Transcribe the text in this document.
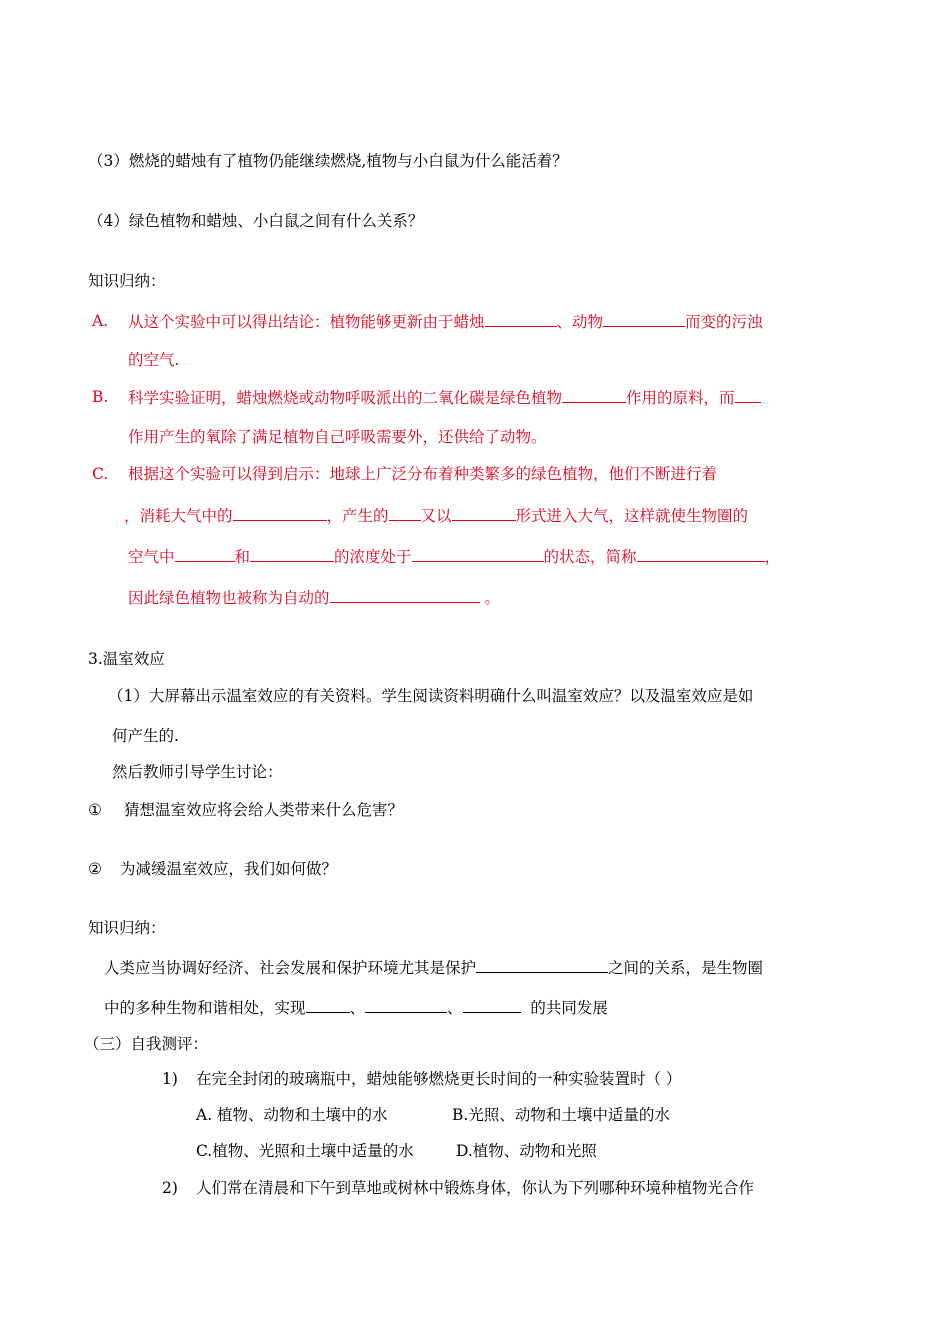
（3）燃烧的蜡烛有了植物仍能继续燃烧,植物与小白鼠为什么能活着？
（4）绿色植物和蜡烛、小白鼠之间有什么关系？
知识归纳：
A. 从这个实验中可以得出结论：植物能够更新由于蜡烛	、动物	而变的污浊
的空气.
B. 科学实验证明，蜡烛燃烧或动物呼吸派出的二氧化碳是绿色植物	作用的原料，而
作用产生的氧除了满足植物自己呼吸需要外，还供给了动物。
C. 根据这个实验可以得到启示：地球上广泛分布着种类繁多的绿色植物，他们不断进行着
，消耗大气中的	，产生的 又以	形式进入大气，这样就使生物圈的
空气中	和	的浓度处于	的状态，简称	，
因此绿色植物也被称为自动的	。
3.温室效应
（1）大屏幕出示温室效应的有关资料。学生阅读资料明确什么叫温室效应？以及温室效应是如
何产生的.
然后教师引导学生讨论：
① 猜想温室效应将会给人类带来什么危害？
② 为减缓温室效应，我们如何做？
知识归纳：
人类应当协调好经济、社会发展和保护环境尤其是保护	之间的关系，是生物圈
中的多种生物和谐相处，实现	、	、	的共同发展
（三）自我测评：
1) 在完全封闭的玻璃瓶中，蜡烛能够燃烧更长时间的一种实验装置时（ ）
A. 植物、动物和土壤中的水	B.光照、动物和土壤中适量的水
C.植物、光照和土壤中适量的水	D.植物、动物和光照
2) 人们常在清晨和下午到草地或树林中锻炼身体，你认为下列哪种环境种植物光合作
